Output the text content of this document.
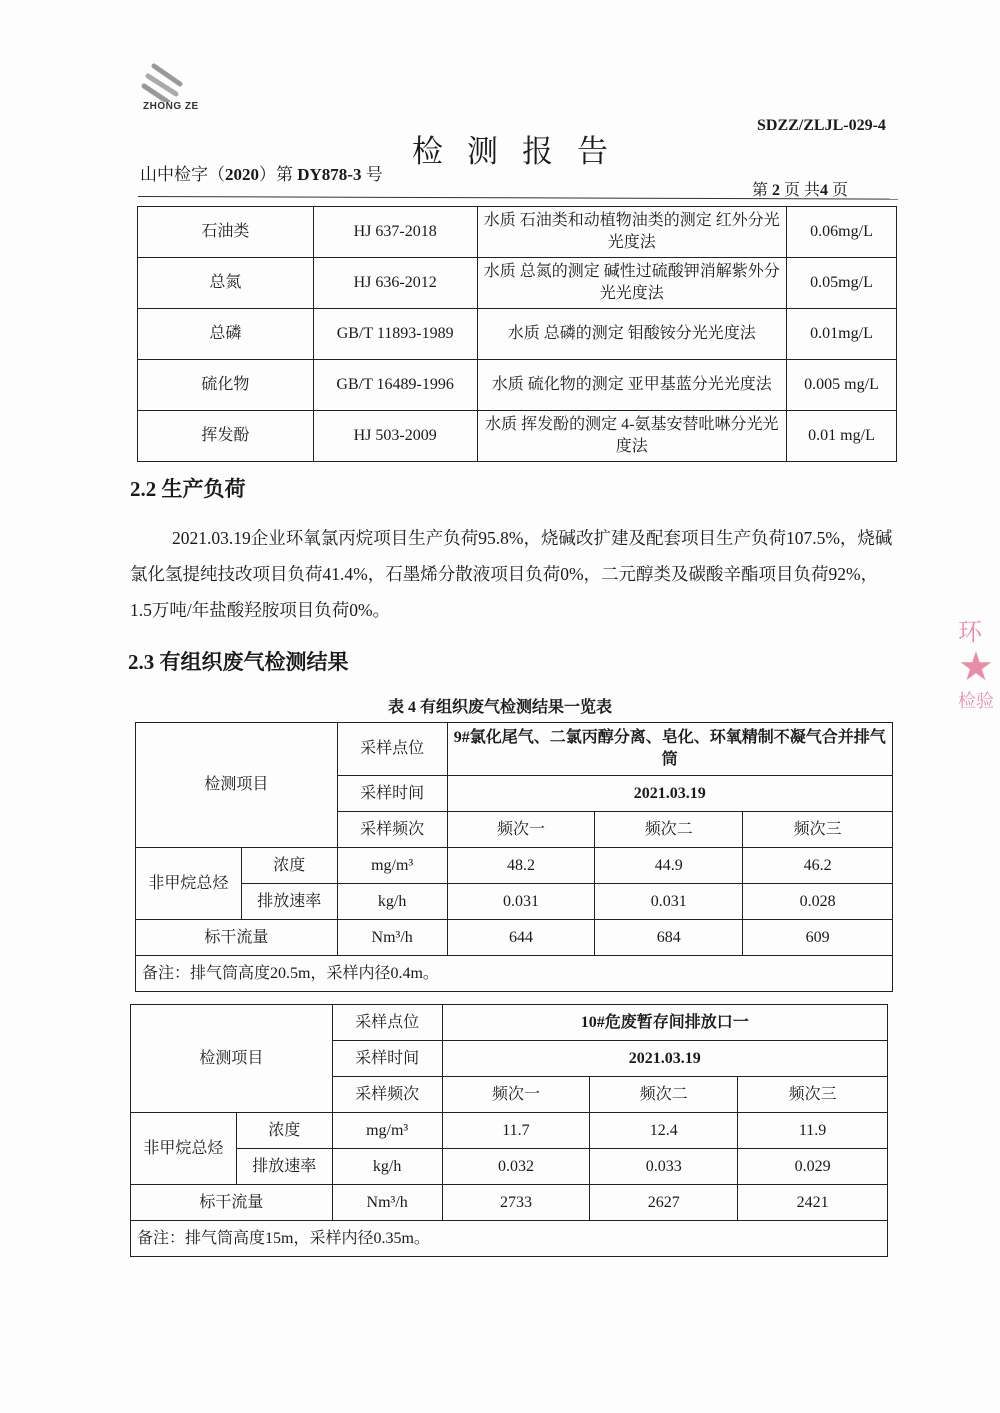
ZHONG ZE
SDZZ/ZLJL-029-4
检测报告
山中检字（2020）第 DY878-3 号
第 2 页 共4 页
石油类	HJ 637-2018	水质 石油类和动植物油类的测定 红外分光光度法	0.06mg/L
总氮	HJ 636-2012	水质 总氮的测定 碱性过硫酸钾消解紫外分光光度法	0.05mg/L
总磷	GB/T 11893-1989	水质 总磷的测定 钼酸铵分光光度法	0.01mg/L
硫化物	GB/T 16489-1996	水质 硫化物的测定 亚甲基蓝分光光度法	0.005 mg/L
挥发酚	HJ 503-2009	水质 挥发酚的测定 4-氨基安替吡啉分光光度法	0.01 mg/L
2.2 生产负荷
2021.03.19企业环氧氯丙烷项目生产负荷95.8%，烧碱改扩建及配套项目生产负荷107.5%，烧碱氯化氢提纯技改项目负荷41.4%，石墨烯分散液项目负荷0%，二元醇类及碳酸辛酯项目负荷92%，1.5万吨/年盐酸羟胺项目负荷0%。
2.3 有组织废气检测结果
表 4 有组织废气检测结果一览表
检测项目		采样点位	9#氯化尾气、二氯丙醇分离、皂化、环氧精制不凝气合并排气筒		
		采样时间	2021.03.19		
		采样频次	频次一	频次二	频次三
非甲烷总烃	浓度	mg/m³	48.2	44.9	46.2
	排放速率	kg/h	0.031	0.031	0.028
标干流量		Nm³/h	644	684	609
备注：排气筒高度20.5m，采样内径0.4m。					
检测项目		采样点位	10#危废暂存间排放口一		
		采样时间	2021.03.19		
		采样频次	频次一	频次二	频次三
非甲烷总烃	浓度	mg/m³	11.7	12.4	11.9
	排放速率	kg/h	0.032	0.033	0.029
标干流量		Nm³/h	2733	2627	2421
备注：排气筒高度15m，采样内径0.35m。					
环
★
检验
